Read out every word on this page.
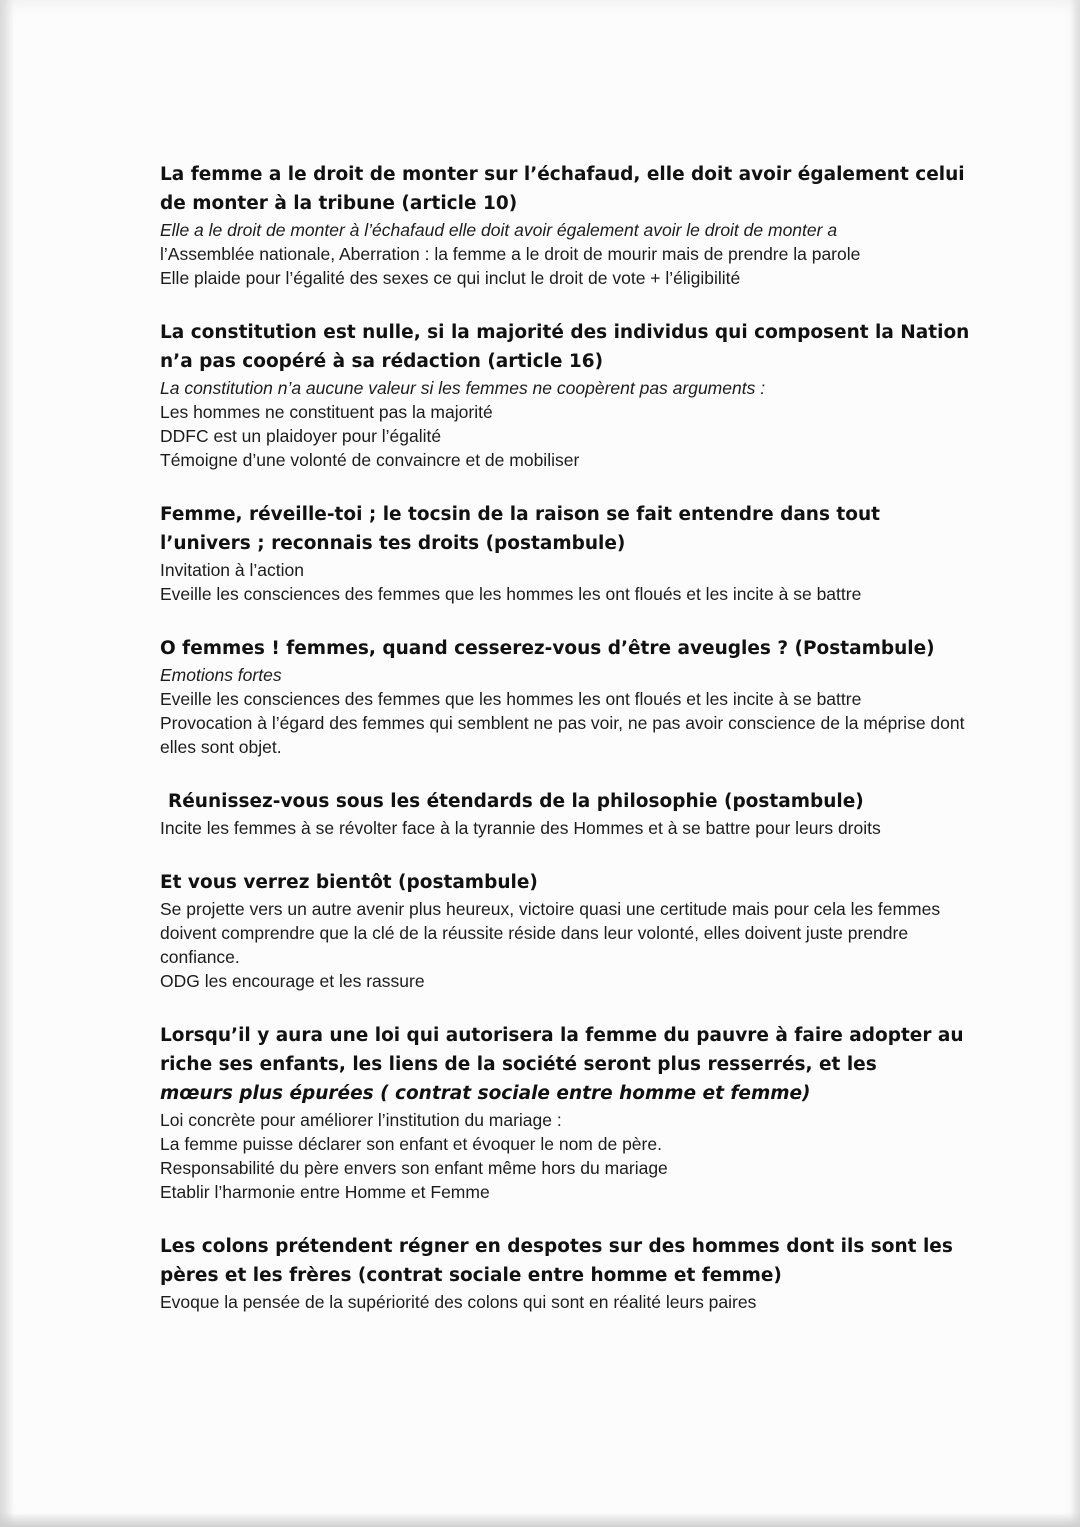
La femme a le droit de monter sur l’échafaud, elle doit avoir également celui de monter à la tribune (article 10)

Elle a le droit de monter à l’échafaud elle doit avoir également avoir le droit de monter a

l’Assemblée nationale, Aberration : la femme a le droit de mourir mais de prendre la parole

Elle plaide pour l’égalité des sexes ce qui inclut le droit de vote + l’éligibilité

La constitution est nulle, si la majorité des individus qui composent la Nation n’a pas coopéré à sa rédaction (article 16)

La constitution n’a aucune valeur si les femmes ne coopèrent pas arguments :

Les hommes ne constituent pas la majorité

DDFC est un plaidoyer pour l’égalité

Témoigne d’une volonté de convaincre et de mobiliser

Femme, réveille-toi ; le tocsin de la raison se fait entendre dans tout l’univers ; reconnais tes droits (postambule)

Invitation à l’action

Eveille les consciences des femmes que les hommes les ont floués et les incite à se battre

O femmes ! femmes, quand cesserez-vous d’être aveugles ? (Postambule)

Emotions fortes

Eveille les consciences des femmes que les hommes les ont floués et les incite à se battre

Provocation à l’égard des femmes qui semblent ne pas voir, ne pas avoir conscience de la méprise dont elles sont objet.

Réunissez-vous sous les étendards de la philosophie (postambule)

Incite les femmes à se révolter face à la tyrannie des Hommes et à se battre pour leurs droits

Et vous verrez bientôt (postambule)

Se projette vers un autre avenir plus heureux, victoire quasi une certitude mais pour cela les femmes doivent comprendre que la clé de la réussite réside dans leur volonté, elles doivent juste prendre confiance.

ODG les encourage et les rassure

Lorsqu’il y aura une loi qui autorisera la femme du pauvre à faire adopter au riche ses enfants, les liens de la société seront plus resserrés, et les

mœurs plus épurées ( contrat sociale entre homme et femme)

Loi concrète pour améliorer l’institution du mariage :

La femme puisse déclarer son enfant et évoquer le nom de père.

Responsabilité du père envers son enfant même hors du mariage

Etablir l’harmonie entre Homme et Femme

Les colons prétendent régner en despotes sur des hommes dont ils sont les pères et les frères (contrat sociale entre homme et femme)

Evoque la pensée de la supériorité des colons qui sont en réalité leurs paires
